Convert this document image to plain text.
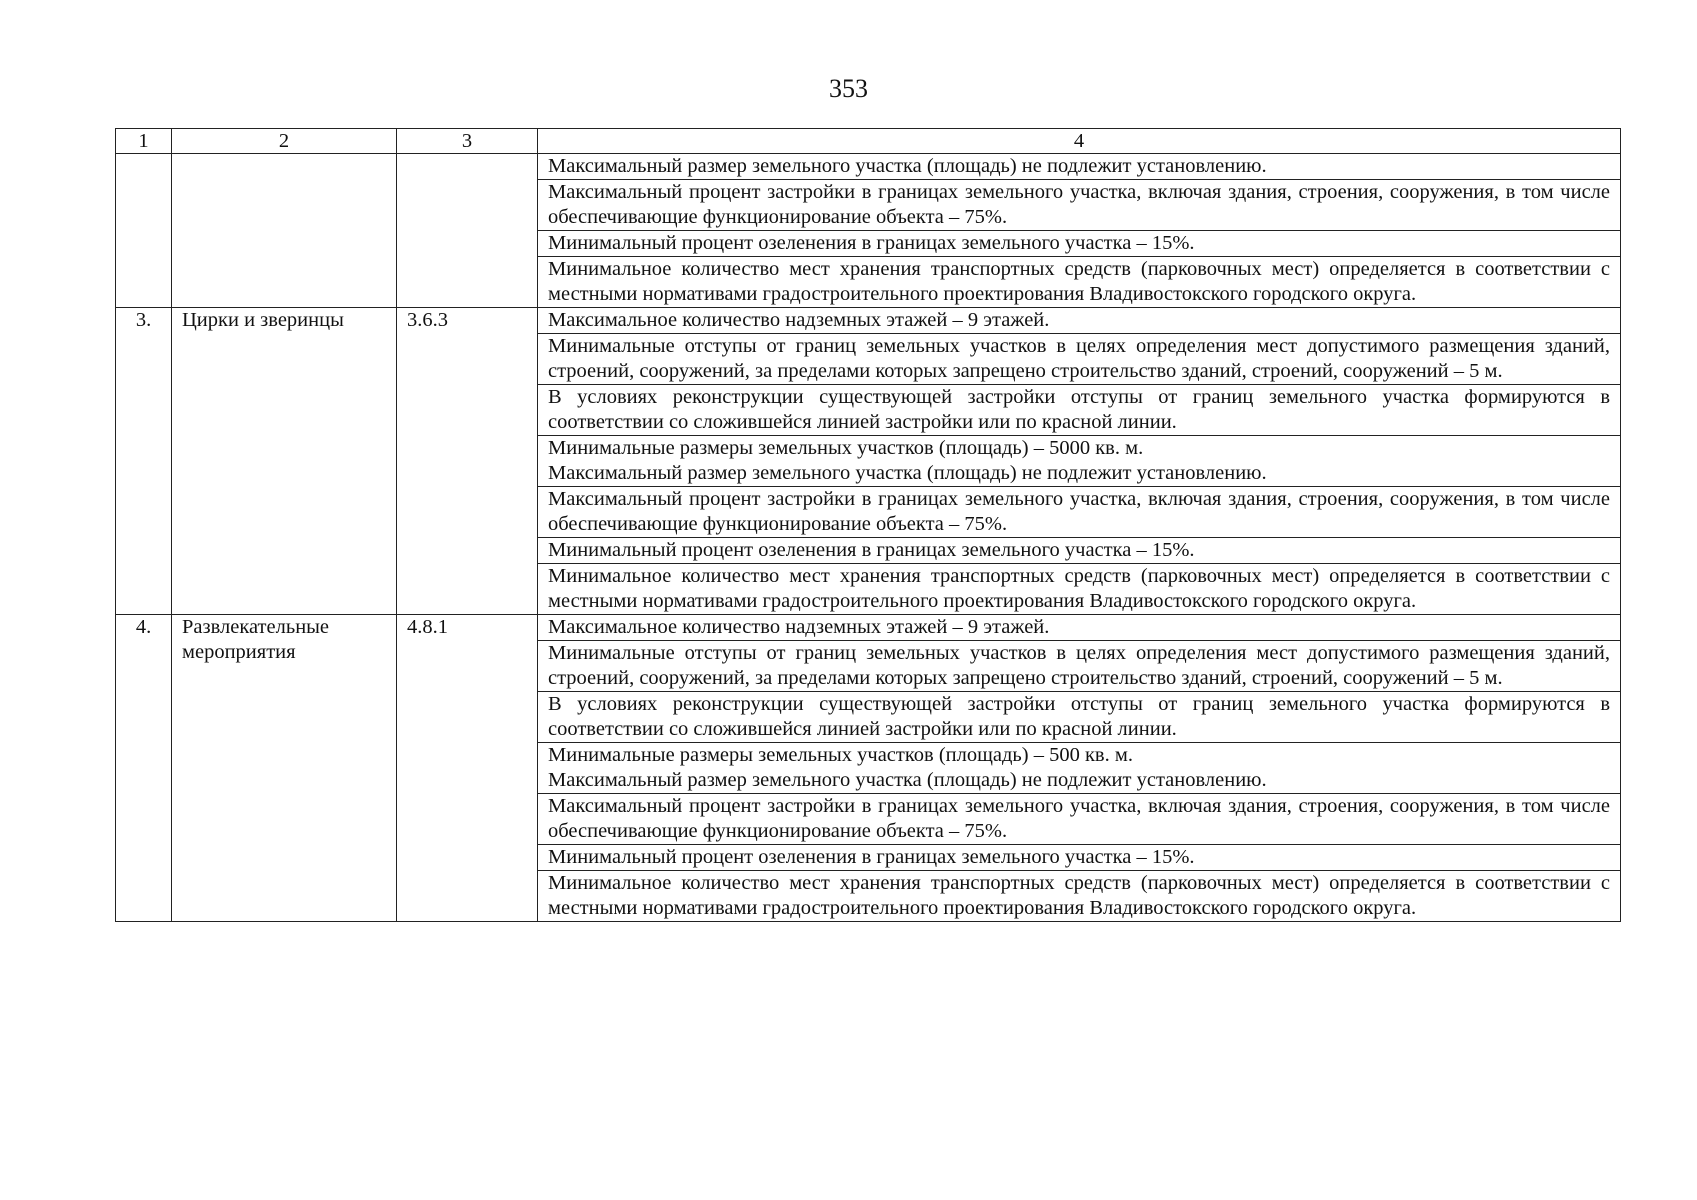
353
1	2	3	4
			Максимальный размер земельного участка (площадь) не подлежит установлению.
			Максимальный процент застройки в границах земельного участка, включая здания, строения, сооружения, в том числе обеспечивающие функционирование объекта – 75%.
			Минимальный процент озеленения в границах земельного участка – 15%.
			Минимальное количество мест хранения транспортных средств (парковочных мест) определяется в соответствии с местными нормативами градостроительного проектирования Владивостокского городского округа.
3.	Цирки и зверинцы	3.6.3	Максимальное количество надземных этажей – 9 этажей.
			Минимальные отступы от границ земельных участков в целях определения мест допустимого размещения зданий, строений, сооружений, за пределами которых запрещено строительство зданий, строений, сооружений – 5 м.
			В условиях реконструкции существующей застройки отступы от границ земельного участка формируются в соответствии со сложившейся линией застройки или по красной линии.

			Минимальные размеры земельных участков (площадь) – 5000 кв. м.
Максимальный размер земельного участка (площадь) не подлежит установлению.

			Максимальный процент застройки в границах земельного участка, включая здания, строения, сооружения, в том числе обеспечивающие функционирование объекта – 75%.
			Минимальный процент озеленения в границах земельного участка – 15%.
			Минимальное количество мест хранения транспортных средств (парковочных мест) определяется в соответствии с местными нормативами градостроительного проектирования Владивостокского городского округа.
4.	Развлекательные мероприятия	4.8.1	Максимальное количество надземных этажей – 9 этажей.
			Минимальные отступы от границ земельных участков в целях определения мест допустимого размещения зданий, строений, сооружений, за пределами которых запрещено строительство зданий, строений, сооружений – 5 м.
			В условиях реконструкции существующей застройки отступы от границ земельного участка формируются в соответствии со сложившейся линией застройки или по красной линии.

			Минимальные размеры земельных участков (площадь) – 500 кв. м.
Максимальный размер земельного участка (площадь) не подлежит установлению.

			Максимальный процент застройки в границах земельного участка, включая здания, строения, сооружения, в том числе обеспечивающие функционирование объекта – 75%.
			Минимальный процент озеленения в границах земельного участка – 15%.
			Минимальное количество мест хранения транспортных средств (парковочных мест) определяется в соответствии с местными нормативами градостроительного проектирования Владивостокского городского округа.
